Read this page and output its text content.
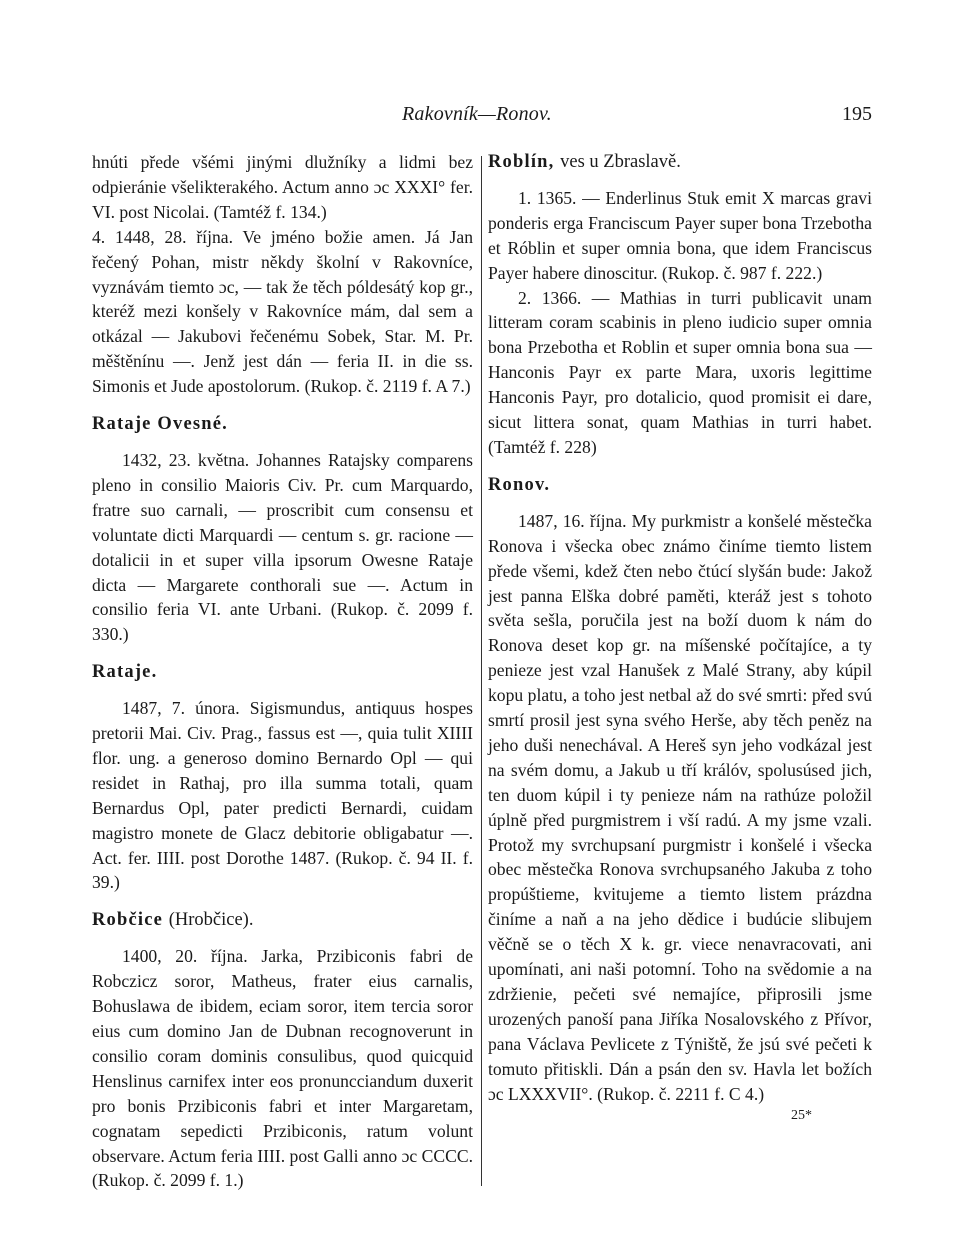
Rakovník—Ronov.	195

hnúti přede všémi jinými dlužníky a lidmi bez odpieránie všelikterakého. Actum anno ɔc XXXI° fer. VI. post Nicolai. (Tamtéž f. 134.)

4. 1448, 28. října. Ve jméno božie amen. Já Jan řečený Pohan, mistr někdy školní v Rakovníce, vyznávám tiemto ɔc, — tak že těch póldesátý kop gr., kteréž mezi konšely v Rakovníce mám, dal sem a otkázal — Jakubovi řečenému Sobek, Star. M. Pr. měštěnínu —. Jenž jest dán — feria II. in die ss. Simonis et Jude apostolorum. (Rukop. č. 2119 f. A 7.)

Rataje Ovesné.

1432, 23. května. Johannes Ratajsky comparens pleno in consilio Maioris Civ. Pr. cum Marquardo, fratre suo carnali, — proscribit cum consensu et voluntate dicti Marquardi — centum s. gr. racione — dotalicii in et super villa ipsorum Owesne Rataje dicta — Margarete conthorali sue —. Actum in consilio feria VI. ante Urbani. (Rukop. č. 2099 f. 330.)

Rataje.

1487, 7. února. Sigismundus, antiquus hospes pretorii Mai. Civ. Prag., fassus est —, quia tulit XIIII flor. ung. a generoso domino Bernardo Opl — qui residet in Rathaj, pro illa summa totali, quam Bernardus Opl, pater predicti Bernardi, cuidam magistro monete de Glacz debitorie obligabatur —. Act. fer. IIII. post Dorothe 1487. (Rukop. č. 94 II. f. 39.)

Robčice (Hrobčice).

1400, 20. října. Jarka, Przibiconis fabri de Robczicz soror, Matheus, frater eius carnalis, Bohuslawa de ibidem, eciam soror, item tercia soror eius cum domino Jan de Dubnan recognoverunt in consilio coram dominis consulibus, quod quicquid Henslinus carnifex inter eos pronuncciandum duxerit pro bonis Przibiconis fabri et inter Margaretam, cognatam sepedicti Przibiconis, ratum volunt observare. Actum feria IIII. post Galli anno ɔc CCCC. (Rukop. č. 2099 f. 1.)

Roblín, ves u Zbraslavě.

1. 1365. — Enderlinus Stuk emit X marcas gravi ponderis erga Franciscum Payer super bona Trzebotha et Róblin et super omnia bona, que idem Franciscus Payer habere dinoscitur. (Rukop. č. 987 f. 222.)

2. 1366. — Mathias in turri publicavit unam litteram coram scabinis in pleno iudicio super omnia bona Przebotha et Roblin et super omnia bona sua — Hanconis Payr ex parte Mara, uxoris legittime Hanconis Payr, pro dotalicio, quod promisit ei dare, sicut littera sonat, quam Mathias in turri habet. (Tamtéž f. 228)

Ronov.

1487, 16. října. My purkmistr a konšelé městečka Ronova i všecka obec známo činíme tiemto listem přede všemi, kdež čten nebo čtúcí slyšán bude: Jakož jest panna Elška dobré paměti, kteráž jest s tohoto světa sešla, poručila jest na boží duom k nám do Ronova deset kop gr. na míšenské počítajíce, a ty penieze jest vzal Hanušek z Malé Strany, aby kúpil kopu platu, a toho jest netbal až do své smrti: před svú smrtí prosil jest syna svého Herše, aby těch peněz na jeho duši nenechával. A Hereš syn jeho vodkázal jest na svém domu, a Jakub u tří králóv, spolusúsed jich, ten duom kúpil i ty penieze nám na rathúze položil úplně před purgmistrem i vší radú. A my jsme vzali. Protož my svrchupsaní purgmistr i konšelé i všecka obec městečka Ronova svrchupsaného Jakuba z toho propúštieme, kvitujeme a tiemto listem prázdna činíme a naň a na jeho dědice i budúcie slibujem věčně se o těch X k. gr. viece nenavracovati, ani upomínati, ani naši potomní. Toho na svědomie a na zdržienie, pečeti své nemajíce, připrosili jsme urozených panoší pana Jiříka Nosalovského z Přívor, pana Václava Pevlicete z Týniště, že jsú své pečeti k tomuto přitiskli. Dán a psán den sv. Havla let božích ɔc LXXXVII°. (Rukop. č. 2211 f. C 4.)

25*
